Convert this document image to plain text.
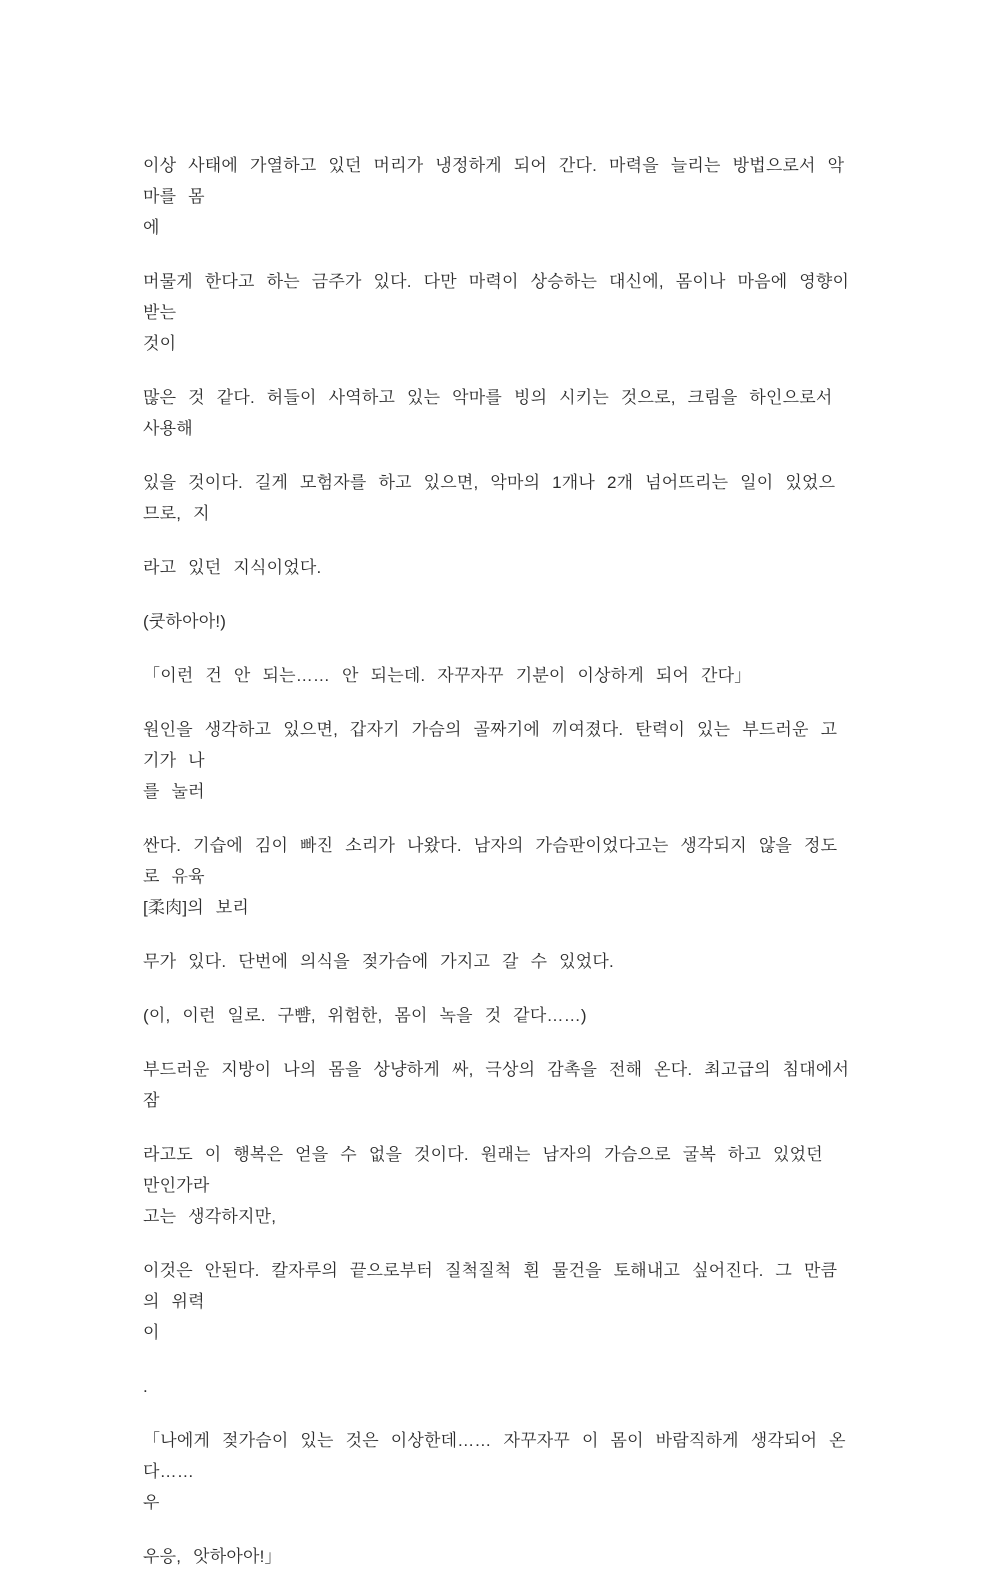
이상 사태에 가열하고 있던 머리가 냉정하게 되어 간다. 마력을 늘리는 방법으로서 악마를 몸
에

머물게 한다고 하는 금주가 있다. 다만 마력이 상승하는 대신에, 몸이나 마음에 영향이 받는
것이

많은 것 같다. 허들이 사역하고 있는 악마를 빙의 시키는 것으로, 크림을 하인으로서 사용해

있을 것이다. 길게 모험자를 하고 있으면, 악마의 1개나 2개 넘어뜨리는 일이 있었으므로, 지

라고 있던 지식이었다.

(쿳하아아!)

「이런 건 안 되는…… 안 되는데. 자꾸자꾸 기분이 이상하게 되어 간다」

원인을 생각하고 있으면, 갑자기 가슴의 골짜기에 끼여졌다. 탄력이 있는 부드러운 고기가 나
를 눌러

싼다. 기습에 김이 빠진 소리가 나왔다. 남자의 가슴판이었다고는 생각되지 않을 정도로 유육
[柔肉]의 보리

무가 있다. 단번에 의식을 젖가슴에 가지고 갈 수 있었다.

(이, 이런 일로. 구뺨, 위험한, 몸이 녹을 것 같다……)

부드러운 지방이 나의 몸을 상냥하게 싸, 극상의 감촉을 전해 온다. 최고급의 침대에서 잠

라고도 이 행복은 얻을 수 없을 것이다. 원래는 남자의 가슴으로 굴복 하고 있었던 만인가라
고는 생각하지만,

이것은 안된다. 칼자루의 끝으로부터 질척질척 흰 물건을 토해내고 싶어진다. 그 만큼의 위력
이

.

「나에게 젖가슴이 있는 것은 이상한데…… 자꾸자꾸 이 몸이 바람직하게 생각되어 온다……
우

우응, 앗하아아!」
